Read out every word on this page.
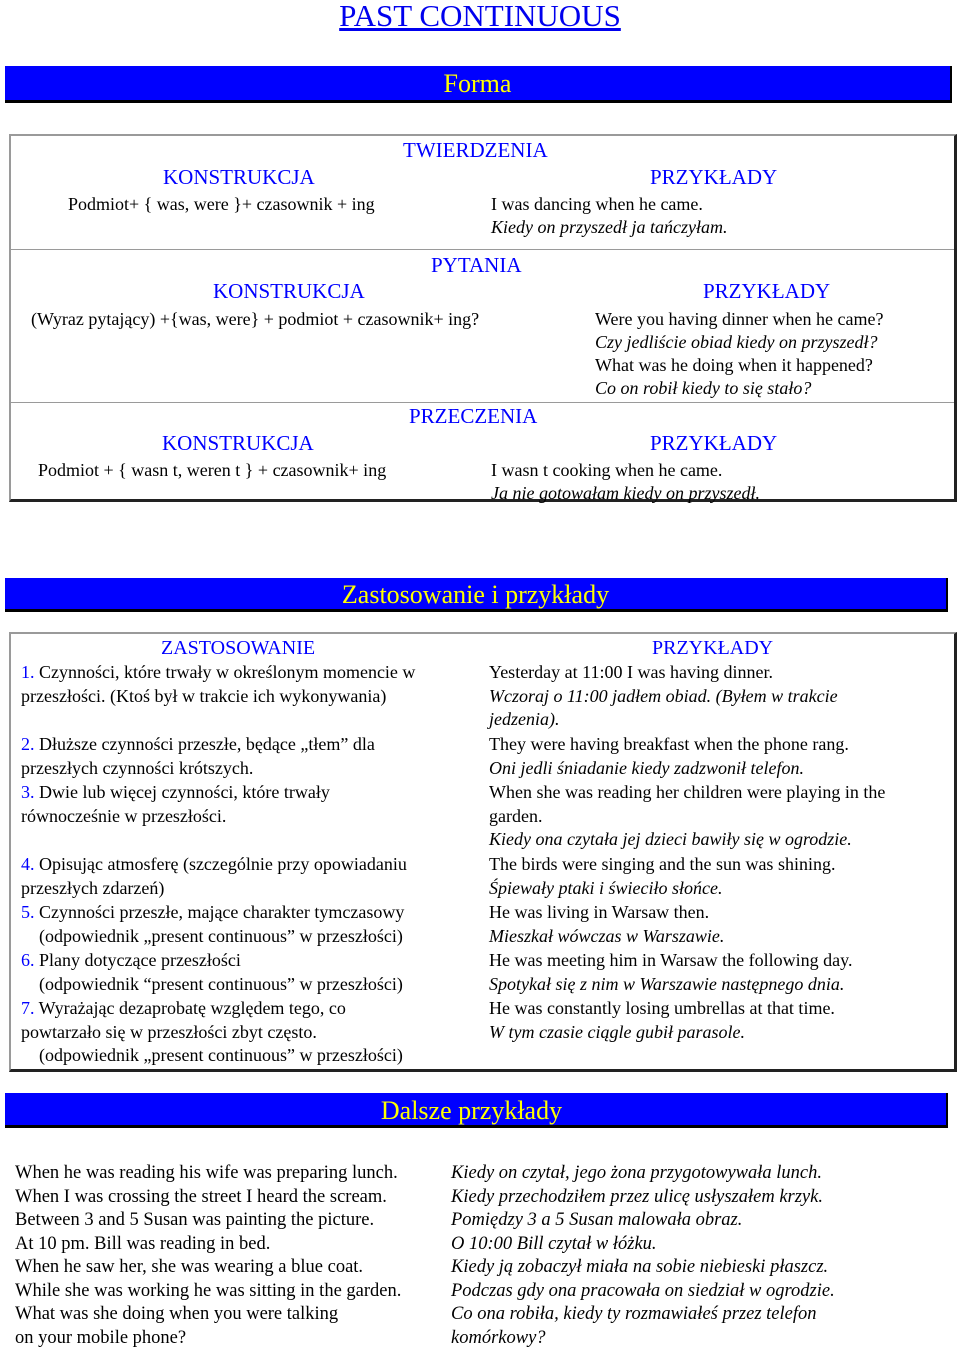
PAST CONTINUOUS
Forma
TWIERDZENIA
KONSTRUKCJA	PRZYKŁADY
Podmiot+ { was, were }+ czasownik + ing	I was dancing when he came.
Kiedy on przyszedł ja tańczyłam.
PYTANIA
KONSTRUKCJA	PRZYKŁADY
(Wyraz pytający) +{was, were} + podmiot + czasownik+ ing?	Were you having dinner when he came?
Czy jedliście obiad kiedy on przyszedł?
What was he doing when it happened?
Co on robił kiedy to się stało?
PRZECZENIA
KONSTRUKCJA	PRZYKŁADY
Podmiot + { wasn t, weren t } + czasownik+ ing	I wasn t cooking when he came.
Ja nie gotowałam kiedy on przyszedł.
Zastosowanie i przykłady
ZASTOSOWANIE	PRZYKŁADY
1. Czynności, które trwały w określonym momencie w
przeszłości. (Ktoś był w trakcie ich wykonywania)
Yesterday at 11:00 I was having dinner.
Wczoraj o 11:00 jadłem obiad. (Byłem w trakcie
jedzenia).
2. Dłuższe czynności przeszłe, będące „tłem” dla
przeszłych czynności krótszych.
They were having breakfast when the phone rang.
Oni jedli śniadanie kiedy zadzwonił telefon.
3. Dwie lub więcej czynności, które trwały
równocześnie w przeszłości.
When she was reading her children were playing in the
garden.
Kiedy ona czytała jej dzieci bawiły się w ogrodzie.
4. Opisując atmosferę (szczególnie przy opowiadaniu
przeszłych zdarzeń)
The birds were singing and the sun was shining.
Śpiewały ptaki i świeciło słońce.
5. Czynności przeszłe, mające charakter tymczasowy
(odpowiednik „present continuous” w przeszłości)
He was living in Warsaw then.
Mieszkał wówczas w Warszawie.
6. Plany dotyczące przeszłości
(odpowiednik “present continuous” w przeszłości)
He was meeting him in Warsaw the following day.
Spotykał się z nim w Warszawie następnego dnia.
7. Wyrażając dezaprobatę względem tego, co
powtarzało się w przeszłości zbyt często.
(odpowiednik „present continuous” w przeszłości)
He was constantly losing umbrellas at that time.
W tym czasie ciągle gubił parasole.
Dalsze przykłady
When he was reading his wife was preparing lunch.	Kiedy on czytał, jego żona przygotowywała lunch.
When I was crossing the street I heard the scream.	Kiedy przechodziłem przez ulicę usłyszałem krzyk.
Between 3 and 5 Susan was painting the picture.	Pomiędzy 3 a 5 Susan malowała obraz.
At 10 pm. Bill was reading in bed.	O 10:00 Bill czytał w łóżku.
When he saw her, she was wearing a blue coat.	Kiedy ją zobaczył miała na sobie niebieski płaszcz.
While she was working he was sitting in the garden.	Podczas gdy ona pracowała on siedział w ogrodzie.
What was she doing when you were talking	Co ona robiła, kiedy ty rozmawiałeś przez telefon
on your mobile phone?	komórkowy?
